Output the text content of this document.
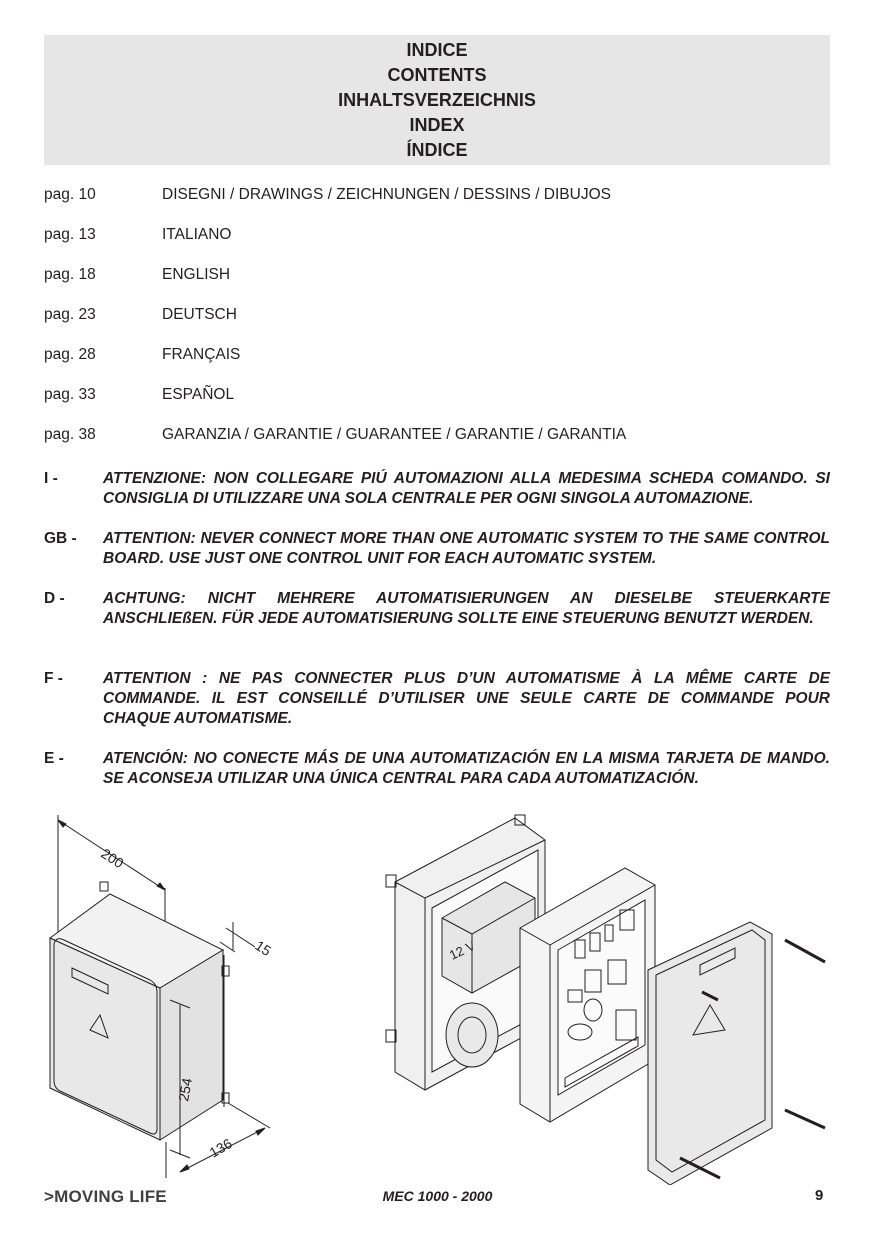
INDICE
CONTENTS
INHALTSVERZEICHNIS
INDEX
ÍNDICE
pag. 10	DISEGNI / DRAWINGS / ZEICHNUNGEN / DESSINS / DIBUJOS
pag. 13	ITALIANO
pag. 18	ENGLISH
pag. 23	DEUTSCH
pag. 28	FRANÇAIS
pag. 33	ESPAÑOL
pag. 38	GARANZIA / GARANTIE / GUARANTEE / GARANTIE / GARANTIA
I -	ATTENZIONE: NON COLLEGARE PIÚ AUTOMAZIONI ALLA MEDESIMA SCHEDA COMANDO. SI CONSIGLIA DI UTILIZZARE UNA SOLA CENTRALE PER OGNI SINGOLA AUTOMAZIONE.
GB - ATTENTION: NEVER CONNECT MORE THAN ONE AUTOMATIC SYSTEM TO THE SAME CONTROL BOARD. USE JUST ONE CONTROL UNIT FOR EACH AUTOMATIC SYSTEM.
D - ACHTUNG: NICHT MEHRERE AUTOMATISIERUNGEN AN DIESELBE STEUERKARTE ANSCHLIEßEN. FÜR JEDE AUTOMATISIERUNG SOLLTE EINE STEUERUNG BENUTZT WERDEN.
F -	ATTENTION : NE PAS CONNECTER PLUS D’UN AUTOMATISME À LA MÊME CARTE DE COMMANDE. IL EST CONSEILLÉ D’UTILISER UNE SEULE CARTE DE COMMANDE POUR CHAQUE AUTOMATISME.
E -	ATENCIÓN: NO CONECTE MÁS DE UNA AUTOMATIZACIÓN EN LA MISMA TARJETA DE MANDO. SE ACONSEJA UTILIZAR UNA ÚNICA CENTRAL PARA CADA AUTOMATIZACIÓN.
200
15
254
136
12 V
>MOVING LIFE	MEC 1000 - 2000	9
